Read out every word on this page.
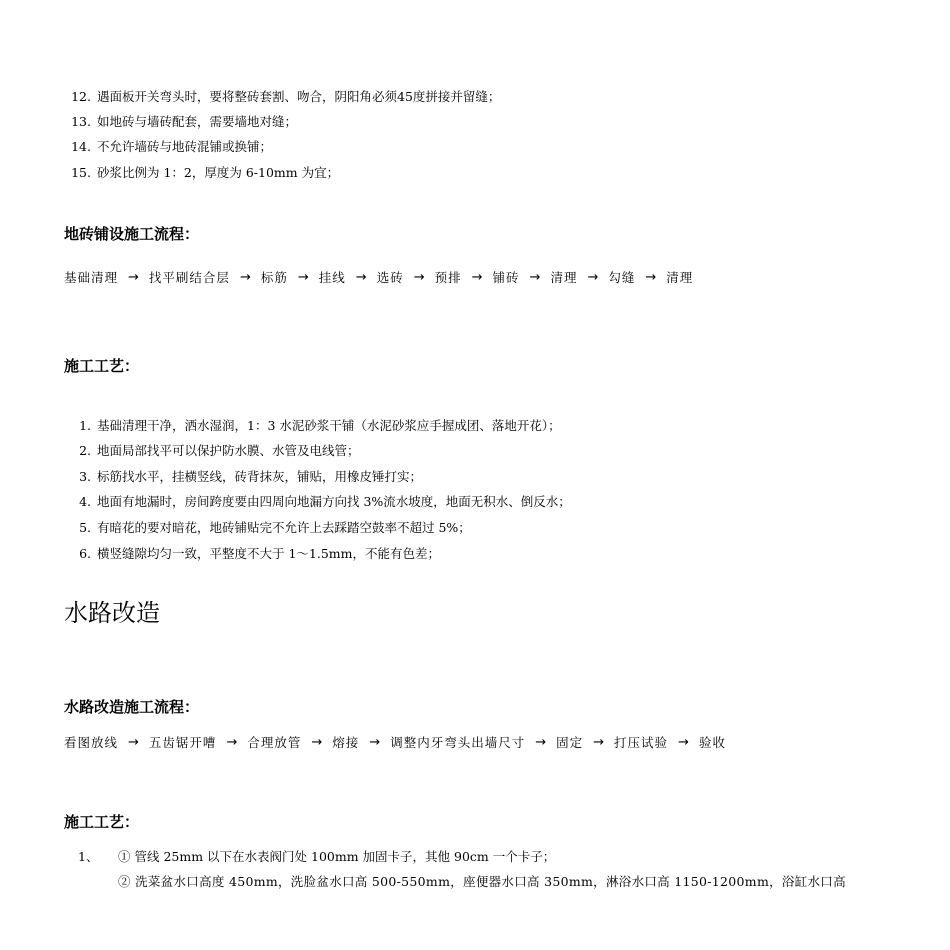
12. 遇面板开关弯头时，要将整砖套割、吻合，阴阳角必须45度拼接并留缝；
13. 如地砖与墙砖配套，需要墙地对缝；
14. 不允许墙砖与地砖混铺或换铺；
15. 砂浆比例为 1：2，厚度为 6-10mm 为宜；
地砖铺设施工流程：
基础清理 → 找平刷结合层 → 标筋 → 挂线 → 选砖 → 预排 → 铺砖 → 清理 → 勾缝 → 清理
施工工艺：
1. 基础清理干净，洒水湿润，1：3 水泥砂浆干铺（水泥砂浆应手握成团、落地开花）；
2. 地面局部找平可以保护防水膜、水管及电线管；
3. 标筋找水平，挂横竖线，砖背抹灰，铺贴，用橡皮锤打实；
4. 地面有地漏时，房间跨度要由四周向地漏方向找 3%流水坡度，地面无积水、倒反水；
5. 有暗花的要对暗花，地砖铺贴完不允许上去踩踏空鼓率不超过 5%；
6. 横竖缝隙均匀一致，平整度不大于 1～1.5mm，不能有色差；
水路改造
水路改造施工流程：
看图放线 → 五齿锯开嘈 → 合理放管 → 熔接 → 调整内牙弯头出墙尺寸 → 固定 → 打压试验 → 验收
施工工艺：
1、 ① 管线 25mm 以下在水表阀门处 100mm 加固卡子，其他 90cm 一个卡子；
② 洗菜盆水口高度 450mm，洗脸盆水口高 500-550mm，座便器水口高 350mm，淋浴水口高 1150-1200mm，浴缸水口高
